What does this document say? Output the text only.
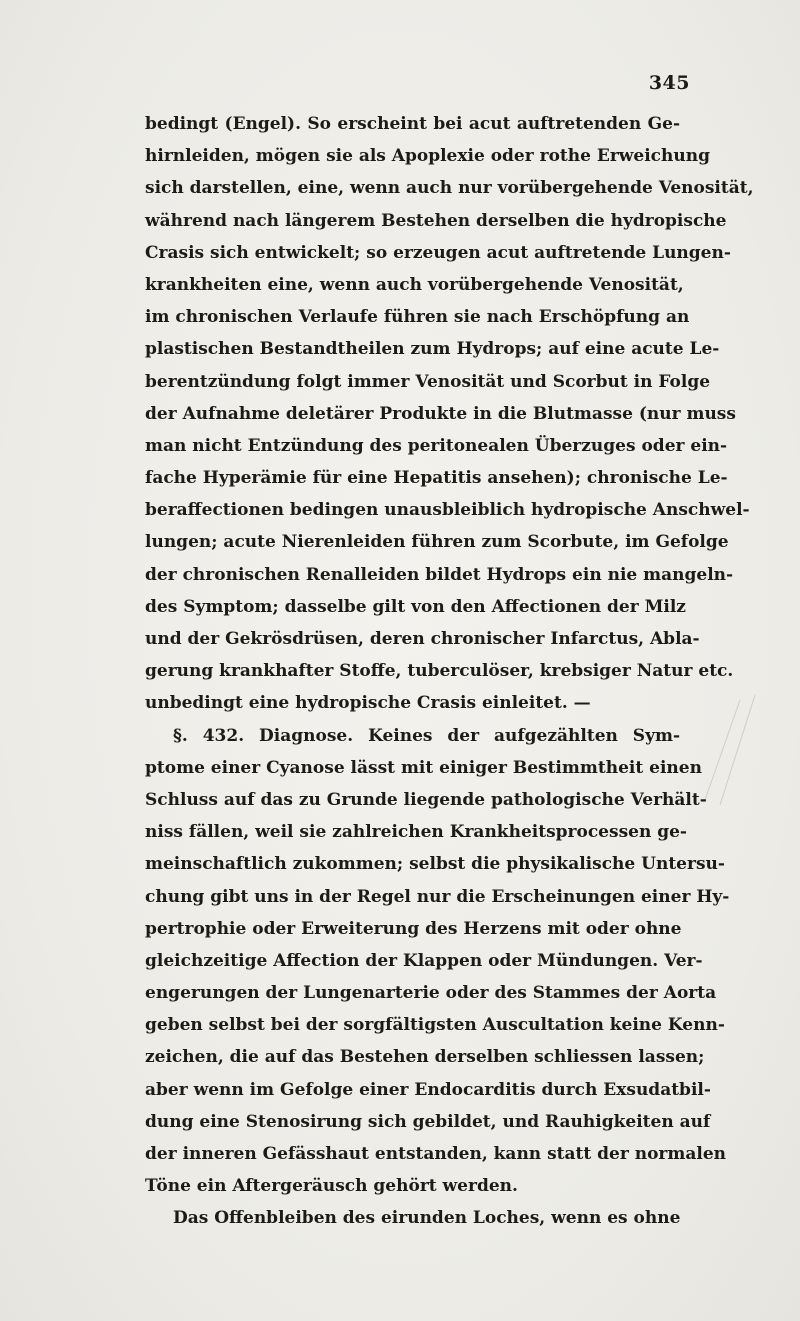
345
bedingt (Engel). So erscheint bei acut auftretenden Ge-
hirnleiden, mögen sie als Apoplexie oder rothe Erweichung
sich darstellen, eine, wenn auch nur vorübergehende Venosität,
während nach längerem Bestehen derselben die hydropische
Crasis sich entwickelt; so erzeugen acut auftretende Lungen-
krankheiten eine, wenn auch vorübergehende Venosität,
im chronischen Verlaufe führen sie nach Erschöpfung an
plastischen Bestandtheilen zum Hydrops; auf eine acute Le-
berentzündung folgt immer Venosität und Scorbut in Folge
der Aufnahme deletärer Produkte in die Blutmasse (nur muss
man nicht Entzündung des peritonealen Überzuges oder ein-
fache Hyperämie für eine Hepatitis ansehen); chronische Le-
beraffectionen bedingen unausbleiblich hydropische Anschwel-
lungen; acute Nierenleiden führen zum Scorbute, im Gefolge
der chronischen Renalleiden bildet Hydrops ein nie mangeln-
des Symptom; dasselbe gilt von den Affectionen der Milz
und der Gekrösdrüsen, deren chronischer Infarctus, Abla-
gerung krankhafter Stoffe, tuberculöser, krebsiger Natur etc.
unbedingt eine hydropische Crasis einleitet. —
§. 432. Diagnose. Keines der aufgezählten Sym-
ptome einer Cyanose lässt mit einiger Bestimmtheit einen
Schluss auf das zu Grunde liegende pathologische Verhält-
niss fällen, weil sie zahlreichen Krankheitsprocessen ge-
meinschaftlich zukommen; selbst die physikalische Untersu-
chung gibt uns in der Regel nur die Erscheinungen einer Hy-
pertrophie oder Erweiterung des Herzens mit oder ohne
gleichzeitige Affection der Klappen oder Mündungen. Ver-
engerungen der Lungenarterie oder des Stammes der Aorta
geben selbst bei der sorgfältigsten Auscultation keine Kenn-
zeichen, die auf das Bestehen derselben schliessen lassen;
aber wenn im Gefolge einer Endocarditis durch Exsudatbil-
dung eine Stenosirung sich gebildet, und Rauhigkeiten auf
der inneren Gefässhaut entstanden, kann statt der normalen
Töne ein Aftergeräusch gehört werden.
Das Offenbleiben des eirunden Loches, wenn es ohne
